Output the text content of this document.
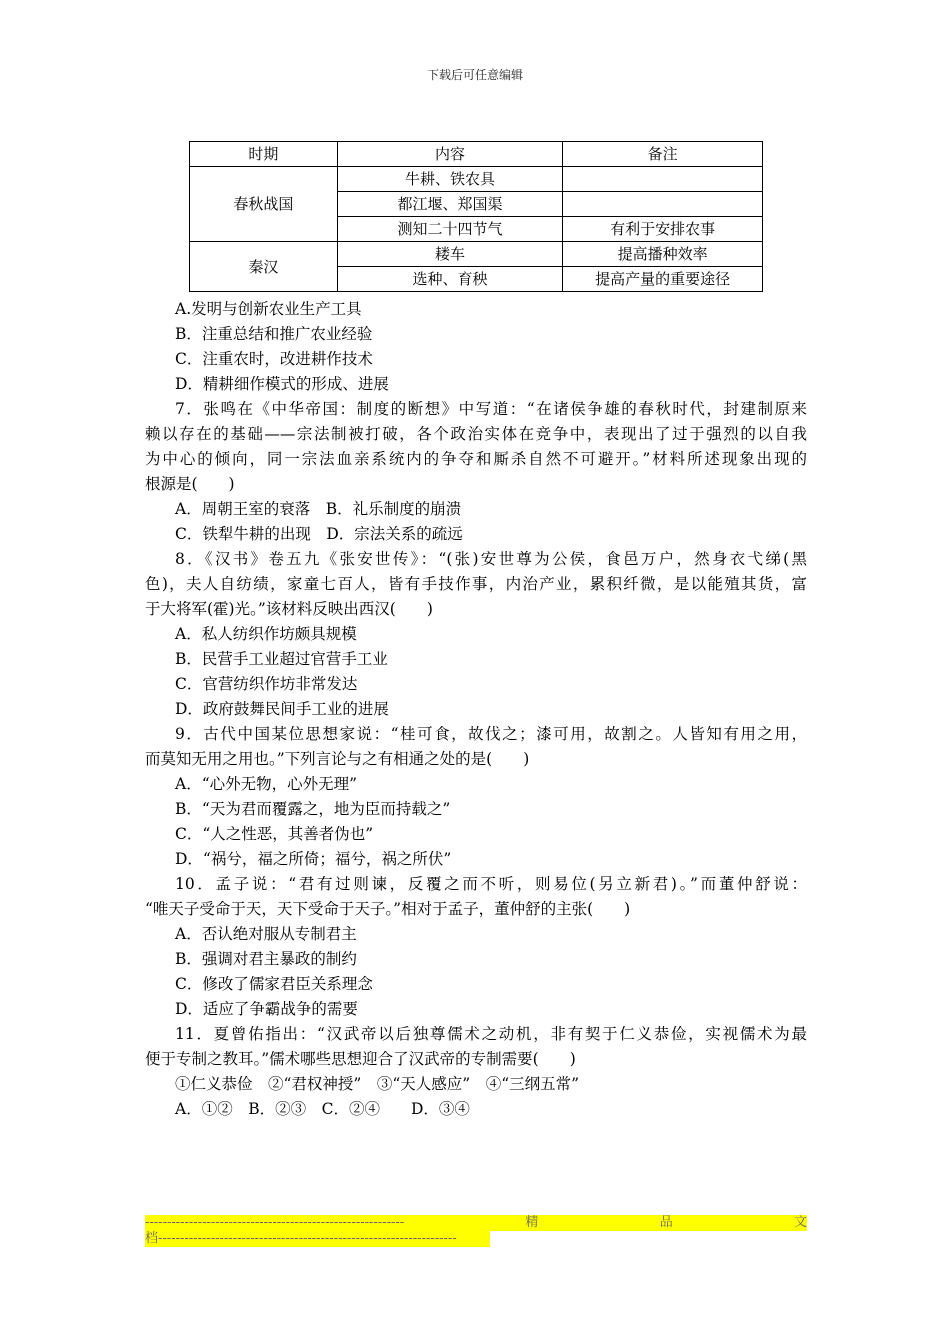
下载后可任意编辑
时期	内容	备注
春秋战国	牛耕、铁农具	
	都江堰、郑国渠	
	测知二十四节气	有利于安排农事
秦汉	耧车	提高播种效率
	选种、育秧	提高产量的重要途径
A.发明与创新农业生产工具
B．注重总结和推广农业经验
C．注重农时，改进耕作技术
D．精耕细作模式的形成、进展
7．张鸣在《中华帝国：制度的断想》中写道：“在诸侯争雄的春秋时代，封建制原来
赖以存在的基础——宗法制被打破，各个政治实体在竞争中，表现出了过于强烈的以自我
为中心的倾向，同一宗法血亲系统内的争夺和厮杀自然不可避开。”材料所述现象出现的
根源是(　　)
A．周朝王室的衰落　B．礼乐制度的崩溃
C．铁犁牛耕的出现　D．宗法关系的疏远
8．《汉书》卷五九《张安世传》：“(张)安世尊为公侯，食邑万户，然身衣弋绨(黑
色)，夫人自纺绩，家童七百人，皆有手技作事，内治产业，累积纤微，是以能殖其货，富
于大将军(霍)光。”该材料反映出西汉(　　)
A．私人纺织作坊颇具规模
B．民营手工业超过官营手工业
C．官营纺织作坊非常发达
D．政府鼓舞民间手工业的进展
9．古代中国某位思想家说：“桂可食，故伐之；漆可用，故割之。人皆知有用之用，
而莫知无用之用也。”下列言论与之有相通之处的是(　　)
A．“心外无物，心外无理”
B．“天为君而覆露之，地为臣而持载之”
C．“人之性恶，其善者伪也”
D．“祸兮，福之所倚；福兮，祸之所伏”
10．孟子说：“君有过则谏，反覆之而不听，则易位(另立新君)。”而董仲舒说：
“唯天子受命于天，天下受命于天子。”相对于孟子，董仲舒的主张(　　)
A．否认绝对服从专制君主
B．强调对君主暴政的制约
C．修改了儒家君臣关系理念
D．适应了争霸战争的需要
11．夏曾佑指出：“汉武帝以后独尊儒术之动机，非有契于仁义恭俭，实视儒术为最
便于专制之教耳。”儒术哪些思想迎合了汉武帝的专制需要(　　)
①仁义恭俭　②“君权神授”　③“天人感应”　④“三纲五常”
A．①②　B．②③　C．②④　　D．③④
-----------------------------------------------------------	精	品	文
档--------------------------------------------------------------------
